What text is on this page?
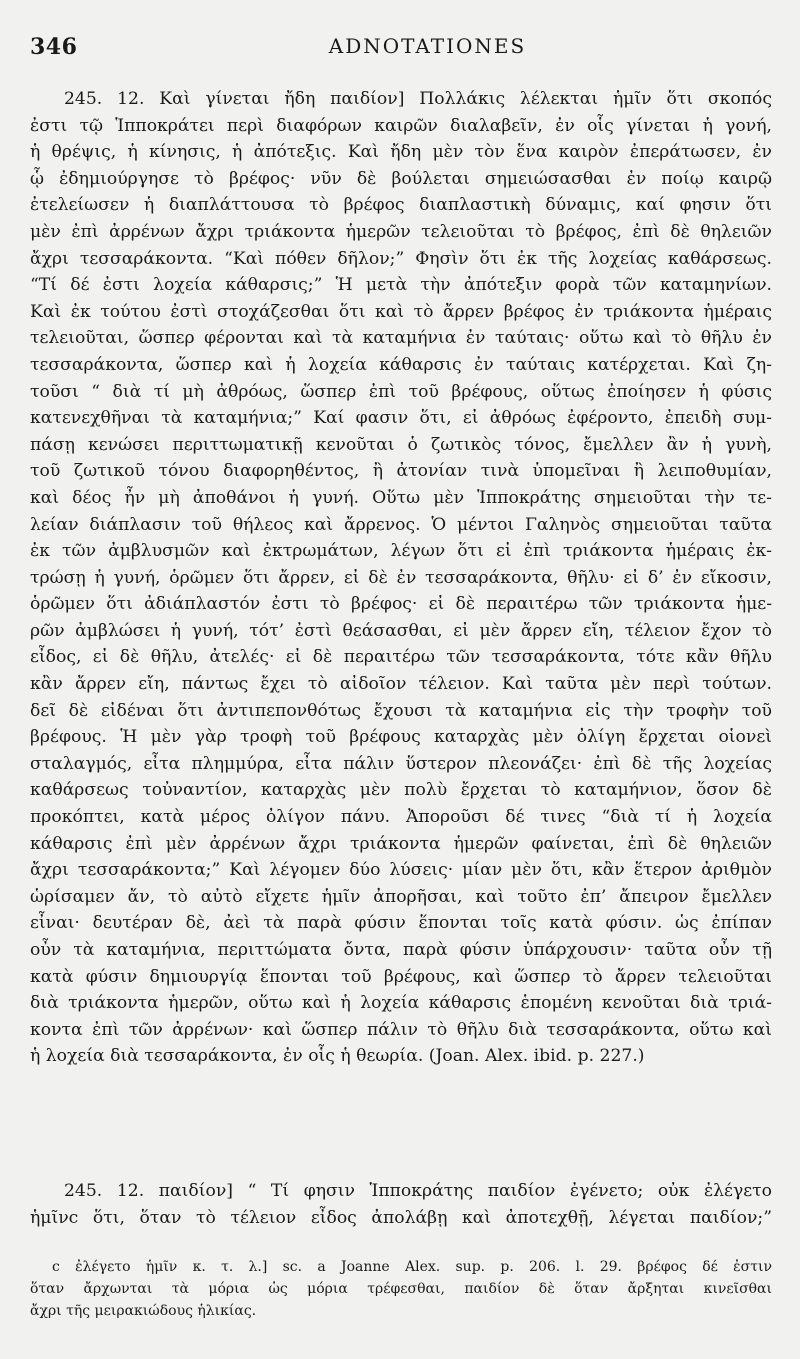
346	ADNOTATIONES
245. 12. Καὶ γίνεται ἤδη παιδίον] Πολλάκις λέλεκται ἡμῖν ὅτι σκοπός
ἐστι τῷ Ἱπποκράτει περὶ διαφόρων καιρῶν διαλαβεῖν, ἐν οἷς γίνεται ἡ γονή,
ἡ θρέψις, ἡ κίνησις, ἡ ἀπότεξις. Καὶ ἤδη μὲν τὸν ἕνα καιρὸν ἐπεράτωσεν, ἐν
ᾧ ἐδημιούργησε τὸ βρέφος· νῦν δὲ βούλεται σημειώσασθαι ἐν ποίῳ καιρῷ
ἐτελείωσεν ἡ διαπλάττουσα τὸ βρέφος διαπλαστικὴ δύναμις, καί φησιν ὅτι
μὲν ἐπὶ ἀρρένων ἄχρι τριάκοντα ἡμερῶν τελειοῦται τὸ βρέφος, ἐπὶ δὲ θηλειῶν
ἄχρι τεσσαράκοντα. “Καὶ πόθεν δῆλον;” Φησὶν ὅτι ἐκ τῆς λοχείας καθάρσεως.
“Τί δέ ἐστι λοχεία κάθαρσις;” Ἡ μετὰ τὴν ἀπότεξιν φορὰ τῶν καταμηνίων.
Καὶ ἐκ τούτου ἐστὶ στοχάζεσθαι ὅτι καὶ τὸ ἄρρεν βρέφος ἐν τριάκοντα ἡμέραις
τελειοῦται, ὥσπερ φέρονται καὶ τὰ καταμήνια ἐν ταύταις· οὕτω καὶ τὸ θῆλυ ἐν
τεσσαράκοντα, ὥσπερ καὶ ἡ λοχεία κάθαρσις ἐν ταύταις κατέρχεται. Καὶ ζη-
τοῦσι “ διὰ τί μὴ ἀθρόως, ὥσπερ ἐπὶ τοῦ βρέφους, οὕτως ἐποίησεν ἡ φύσις
κατενεχθῆναι τὰ καταμήνια;” Καί φασιν ὅτι, εἰ ἀθρόως ἐφέροντο, ἐπειδὴ συμ-
πάσῃ κενώσει περιττωματικῇ κενοῦται ὁ ζωτικὸς τόνος, ἔμελλεν ἂν ἡ γυνὴ,
τοῦ ζωτικοῦ τόνου διαφορηθέντος, ἢ ἀτονίαν τινὰ ὑπομεῖναι ἢ λειποθυμίαν,
καὶ δέος ἦν μὴ ἀποθάνοι ἡ γυνή. Οὕτω μὲν Ἱπποκράτης σημειοῦται τὴν τε-
λείαν διάπλασιν τοῦ θήλεος καὶ ἄρρενος. Ὁ μέντοι Γαληνὸς σημειοῦται ταῦτα
ἐκ τῶν ἀμβλυσμῶν καὶ ἐκτρωμάτων, λέγων ὅτι εἰ ἐπὶ τριάκοντα ἡμέραις ἐκ-
τρώσῃ ἡ γυνή, ὁρῶμεν ὅτι ἄρρεν, εἰ δὲ ἐν τεσσαράκοντα, θῆλυ· εἰ δ’ ἐν εἴκοσιν,
ὁρῶμεν ὅτι ἀδιάπλαστόν ἐστι τὸ βρέφος· εἰ δὲ περαιτέρω τῶν τριάκοντα ἡμε-
ρῶν ἀμβλώσει ἡ γυνή, τότ’ ἐστὶ θεάσασθαι, εἰ μὲν ἄρρεν εἴη, τέλειον ἔχον τὸ
εἶδος, εἰ δὲ θῆλυ, ἀτελές· εἰ δὲ περαιτέρω τῶν τεσσαράκοντα, τότε κἂν θῆλυ
κἂν ἄρρεν εἴη, πάντως ἔχει τὸ αἰδοῖον τέλειον. Καὶ ταῦτα μὲν περὶ τούτων.
δεῖ δὲ εἰδέναι ὅτι ἀντιπεπονθότως ἔχουσι τὰ καταμήνια εἰς τὴν τροφὴν τοῦ
βρέφους. Ἡ μὲν γὰρ τροφὴ τοῦ βρέφους καταρχὰς μὲν ὀλίγη ἔρχεται οἱονεὶ
σταλαγμός, εἶτα πλημμύρα, εἶτα πάλιν ὕστερον πλεονάζει· ἐπὶ δὲ τῆς λοχείας
καθάρσεως τοὐναντίον, καταρχὰς μὲν πολὺ ἔρχεται τὸ καταμήνιον, ὅσον δὲ
προκόπτει, κατὰ μέρος ὀλίγον πάνυ. Ἀποροῦσι δέ τινες “διὰ τί ἡ λοχεία
κάθαρσις ἐπὶ μὲν ἀρρένων ἄχρι τριάκοντα ἡμερῶν φαίνεται, ἐπὶ δὲ θηλειῶν
ἄχρι τεσσαράκοντα;” Καὶ λέγομεν δύο λύσεις· μίαν μὲν ὅτι, κἂν ἕτερον ἀριθμὸν
ὡρίσαμεν ἄν, τὸ αὐτὸ εἴχετε ἡμῖν ἀπορῆσαι, καὶ τοῦτο ἐπ’ ἄπειρον ἔμελλεν
εἶναι· δευτέραν δὲ, ἀεὶ τὰ παρὰ φύσιν ἕπονται τοῖς κατὰ φύσιν. ὡς ἐπίπαν
οὖν τὰ καταμήνια, περιττώματα ὄντα, παρὰ φύσιν ὑπάρχουσιν· ταῦτα οὖν τῇ
κατὰ φύσιν δημιουργίᾳ ἕπονται τοῦ βρέφους, καὶ ὥσπερ τὸ ἄρρεν τελειοῦται
διὰ τριάκοντα ἡμερῶν, οὕτω καὶ ἡ λοχεία κάθαρσις ἑπομένη κενοῦται διὰ τριά-
κοντα ἐπὶ τῶν ἀρρένων· καὶ ὥσπερ πάλιν τὸ θῆλυ διὰ τεσσαράκοντα, οὕτω καὶ
ἡ λοχεία διὰ τεσσαράκοντα, ἐν οἷς ἡ θεωρία. (Joan. Alex. ibid. p. 227.)
245. 12. παιδίον] “ Τί φησιν Ἱπποκράτης παιδίον ἐγένετο; οὐκ ἐλέγετο
ἡμῖνc ὅτι, ὅταν τὸ τέλειον εἶδος ἀπολάβῃ καὶ ἀποτεχθῇ, λέγεται παιδίον;”
c ἐλέγετο ἡμῖν κ. τ. λ.] sc. a Joanne Alex. sup. p. 206. l. 29. βρέφος δέ ἐστιν
ὅταν ἄρχωνται τὰ μόρια ὡς μόρια τρέφεσθαι, παιδίον δὲ ὅταν ἄρξηται κινεῖσθαι
ἄχρι τῆς μειρακιώδους ἡλικίας.
